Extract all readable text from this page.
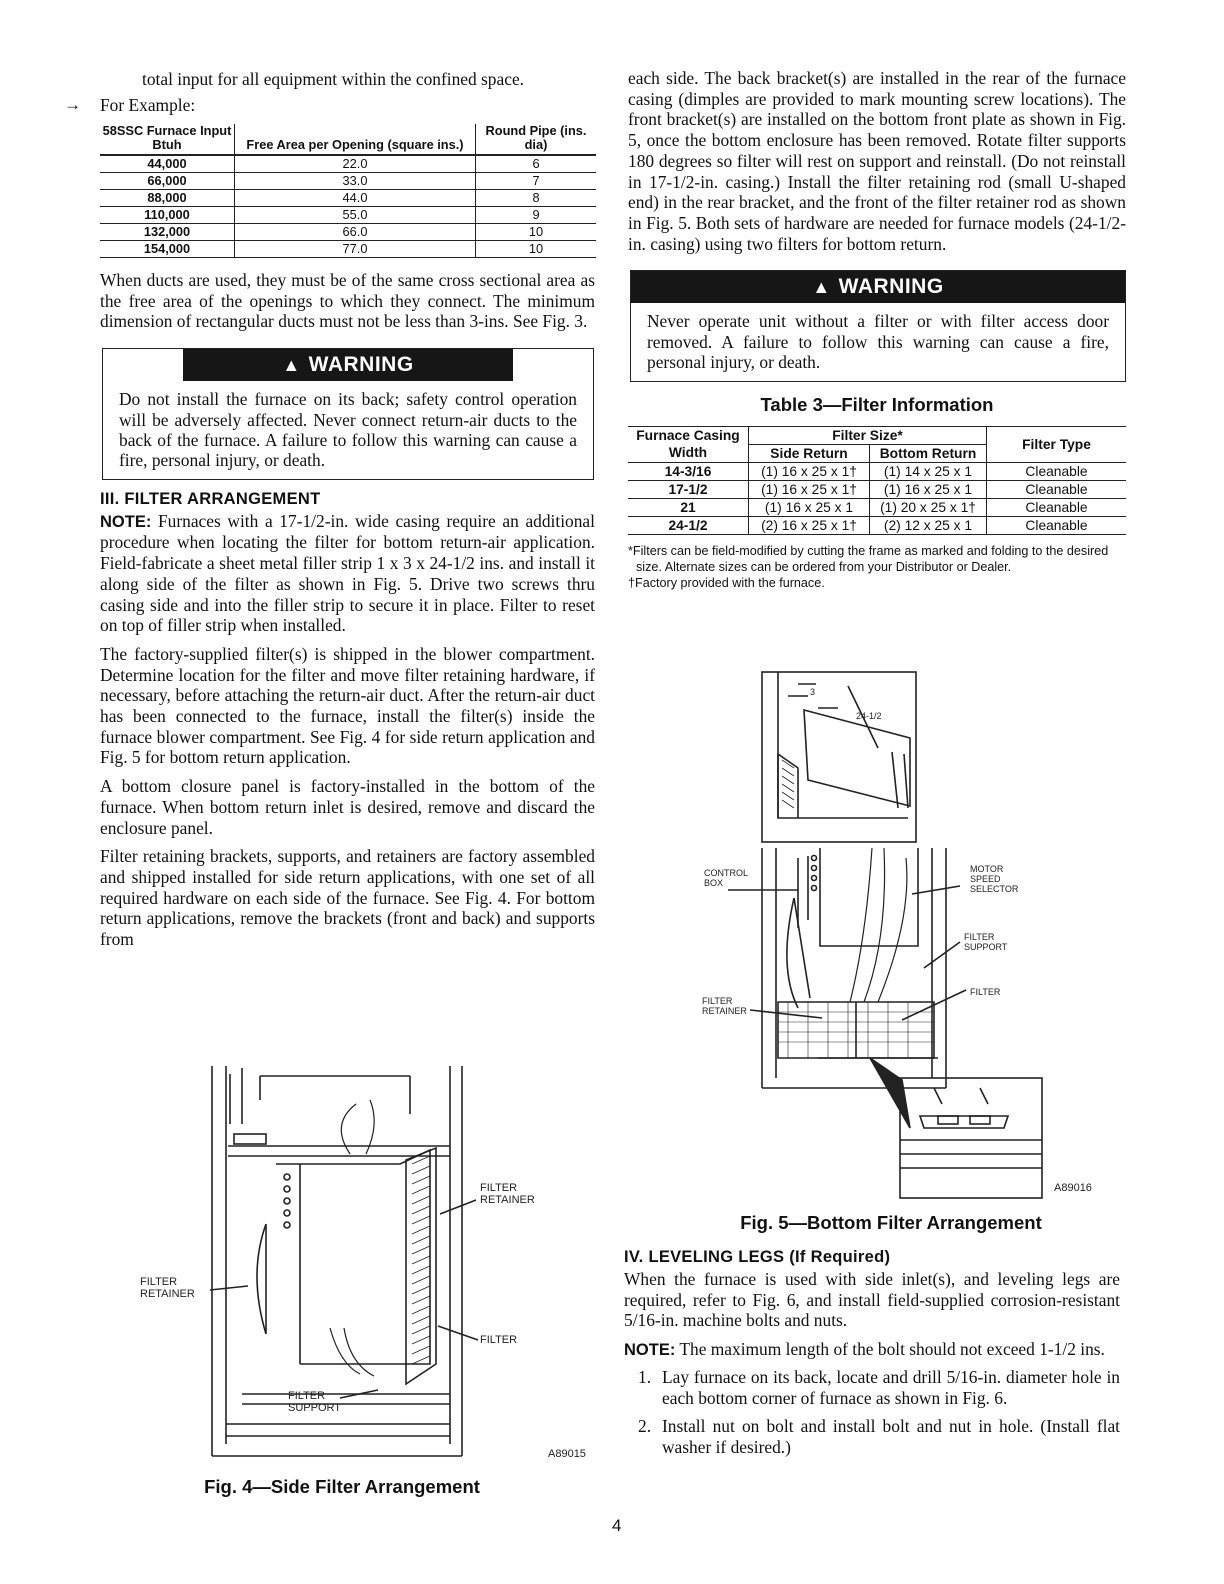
total input for all equipment within the confined space.

→ For Example:

58SSC Furnace Input Btuh	Free Area per Opening (square ins.)	Round Pipe (ins. dia)
44,000	22.0	6
66,000	33.0	7
88,000	44.0	8
110,000	55.0	9
132,000	66.0	10
154,000	77.0	10

When ducts are used, they must be of the same cross sectional area as the free area of the openings to which they connect. The minimum dimension of rectangular ducts must not be less than 3-ins. See Fig. 3.

▲ WARNING
Do not install the furnace on its back; safety control operation will be adversely affected. Never connect return-air ducts to the back of the furnace. A failure to follow this warning can cause a fire, personal injury, or death.
III. FILTER ARRANGEMENT

NOTE: Furnaces with a 17-1/2-in. wide casing require an additional procedure when locating the filter for bottom return-air application. Field-fabricate a sheet metal filler strip 1 x 3 x 24-1/2 ins. and install it along side of the filter as shown in Fig. 5. Drive two screws thru casing side and into the filler strip to secure it in place. Filter to reset on top of filler strip when installed.

The factory-supplied filter(s) is shipped in the blower compartment. Determine location for the filter and move filter retaining hardware, if necessary, before attaching the return-air duct. After the return-air duct has been connected to the furnace, install the filter(s) inside the furnace blower compartment. See Fig. 4 for side return application and Fig. 5 for bottom return application.

A bottom closure panel is factory-installed in the bottom of the furnace. When bottom return inlet is desired, remove and discard the enclosure panel.

Filter retaining brackets, supports, and retainers are factory assembled and shipped installed for side return applications, with one set of all required hardware on each side of the furnace. See Fig. 4. For bottom return applications, remove the brackets (front and back) and supports from

FILTER
RETAINER
FILTER
RETAINER
FILTER
FILTER
SUPPORT
A89015
Fig. 4—Side Filter Arrangement

each side. The back bracket(s) are installed in the rear of the furnace casing (dimples are provided to mark mounting screw locations). The front bracket(s) are installed on the bottom front plate as shown in Fig. 5, once the bottom enclosure has been removed. Rotate filter supports 180 degrees so filter will rest on support and reinstall. (Do not reinstall in 17-1/2-in. casing.) Install the filter retaining rod (small U-shaped end) in the rear bracket, and the front of the filter retainer rod as shown in Fig. 5. Both sets of hardware are needed for furnace models (24-1/2-in. casing) using two filters for bottom return.

▲ WARNING
Never operate unit without a filter or with filter access door removed. A failure to follow this warning can cause a fire, personal injury, or death.
Table 3—Filter Information
Furnace Casing Width	Filter Size*		Filter Type
	Side Return	Bottom Return	
14-3/16	(1) 16 x 25 x 1†	(1) 14 x 25 x 1	Cleanable
17-1/2	(1) 16 x 25 x 1†	(1) 16 x 25 x 1	Cleanable
21	(1) 16 x 25 x 1	(1) 20 x 25 x 1†	Cleanable
24-1/2	(2) 16 x 25 x 1†	(2) 12 x 25 x 1	Cleanable
*Filters can be field-modified by cutting the frame as marked and folding to the desired size. Alternate sizes can be ordered from your Distributor or Dealer.
†Factory provided with the furnace.
3
24-1/2
CONTROL
BOX
MOTOR
SPEED
SELECTOR
FILTER
SUPPORT
FILTER
FILTER
RETAINER
A89016
Fig. 5—Bottom Filter Arrangement
IV. LEVELING LEGS (If Required)

When the furnace is used with side inlet(s), and leveling legs are required, refer to Fig. 6, and install field-supplied corrosion-resistant 5/16-in. machine bolts and nuts.

NOTE: The maximum length of the bolt should not exceed 1-1/2 ins.

1. Lay furnace on its back, locate and drill 5/16-in. diameter hole in each bottom corner of furnace as shown in Fig. 6.
2. Install nut on bolt and install bolt and nut in hole. (Install flat washer if desired.)
4
